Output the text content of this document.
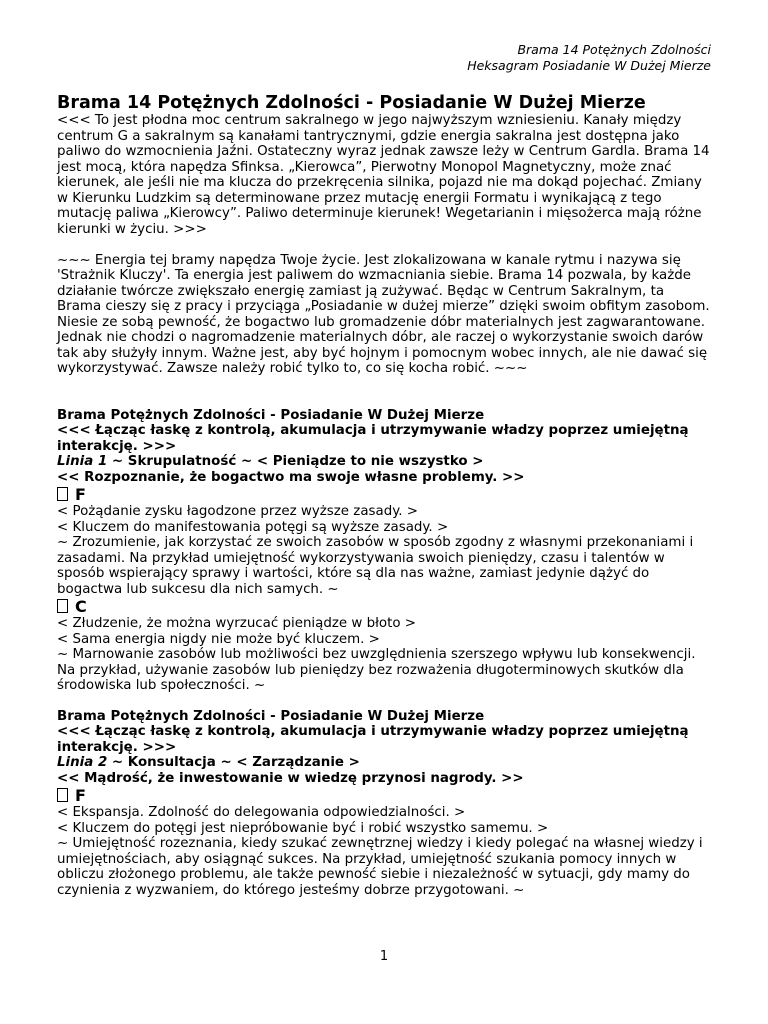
Brama 14 Potężnych Zdolności
Heksagram Posiadanie W Dużej Mierze
Brama 14 Potężnych Zdolności - Posiadanie W Dużej Mierze

<<< To jest płodna moc centrum sakralnego w jego najwyższym wzniesieniu. Kanały między centrum G a sakralnym są kanałami tantrycznymi, gdzie energia sakralna jest dostępna jako paliwo do wzmocnienia Jaźni. Ostateczny wyraz jednak zawsze leży w Centrum Gardla. Brama 14 jest mocą, która napędza Sfinksa. „Kierowca”, Pierwotny Monopol Magnetyczny, może znać kierunek, ale jeśli nie ma klucza do przekręcenia silnika, pojazd nie ma dokąd pojechać. Zmiany w Kierunku Ludzkim są determinowane przez mutację energii Formatu i wynikającą z tego mutację paliwa „Kierowcy”. Paliwo determinuje kierunek! Wegetarianin i mięsożerca mają różne kierunki w życiu. >>>

~~~ Energia tej bramy napędza Twoje życie. Jest zlokalizowana w kanale rytmu i nazywa się 'Strażnik Kluczy'. Ta energia jest paliwem do wzmacniania siebie. Brama 14 pozwala, by każde działanie twórcze zwiększało energię zamiast ją zużywać. Będąc w Centrum Sakralnym, ta Brama cieszy się z pracy i przyciąga „Posiadanie w dużej mierze” dzięki swoim obfitym zasobom. Niesie ze sobą pewność, że bogactwo lub gromadzenie dóbr materialnych jest zagwarantowane. Jednak nie chodzi o nagromadzenie materialnych dóbr, ale raczej o wykorzystanie swoich darów tak aby służyły innym. Ważne jest, aby być hojnym i pomocnym wobec innych, ale nie dawać się wykorzystywać. Zawsze należy robić tylko to, co się kocha robić. ~~~

Brama Potężnych Zdolności - Posiadanie W Dużej Mierze

<<< Łącząc łaskę z kontrolą, akumulacja i utrzymywanie władzy poprzez umiejętną interakcję. >>>

Linia 1 ~ Skrupulatność ~ < Pieniądze to nie wszystko >

<< Rozpoznanie, że bogactwo ma swoje własne problemy. >>

F

< Pożądanie zysku łagodzone przez wyższe zasady. >

< Kluczem do manifestowania potęgi są wyższe zasady. >

~ Zrozumienie, jak korzystać ze swoich zasobów w sposób zgodny z własnymi przekonaniami i zasadami. Na przykład umiejętność wykorzystywania swoich pieniędzy, czasu i talentów w sposób wspierający sprawy i wartości, które są dla nas ważne, zamiast jedynie dążyć do bogactwa lub sukcesu dla nich samych. ~

C

< Złudzenie, że można wyrzucać pieniądze w błoto >

< Sama energia nigdy nie może być kluczem. >

~ Marnowanie zasobów lub możliwości bez uwzględnienia szerszego wpływu lub konsekwencji. Na przykład, używanie zasobów lub pieniędzy bez rozważenia długoterminowych skutków dla środowiska lub społeczności. ~

Brama Potężnych Zdolności - Posiadanie W Dużej Mierze

<<< Łącząc łaskę z kontrolą, akumulacja i utrzymywanie władzy poprzez umiejętną interakcję. >>>

Linia 2 ~ Konsultacja ~ < Zarządzanie >

<< Mądrość, że inwestowanie w wiedzę przynosi nagrody. >>

F

< Ekspansja. Zdolność do delegowania odpowiedzialności. >

< Kluczem do potęgi jest niepróbowanie być i robić wszystko samemu. >

~ Umiejętność rozeznania, kiedy szukać zewnętrznej wiedzy i kiedy polegać na własnej wiedzy i umiejętnościach, aby osiągnąć sukces. Na przykład, umiejętność szukania pomocy innych w obliczu złożonego problemu, ale także pewność siebie i niezależność w sytuacji, gdy mamy do czynienia z wyzwaniem, do którego jesteśmy dobrze przygotowani. ~

1
